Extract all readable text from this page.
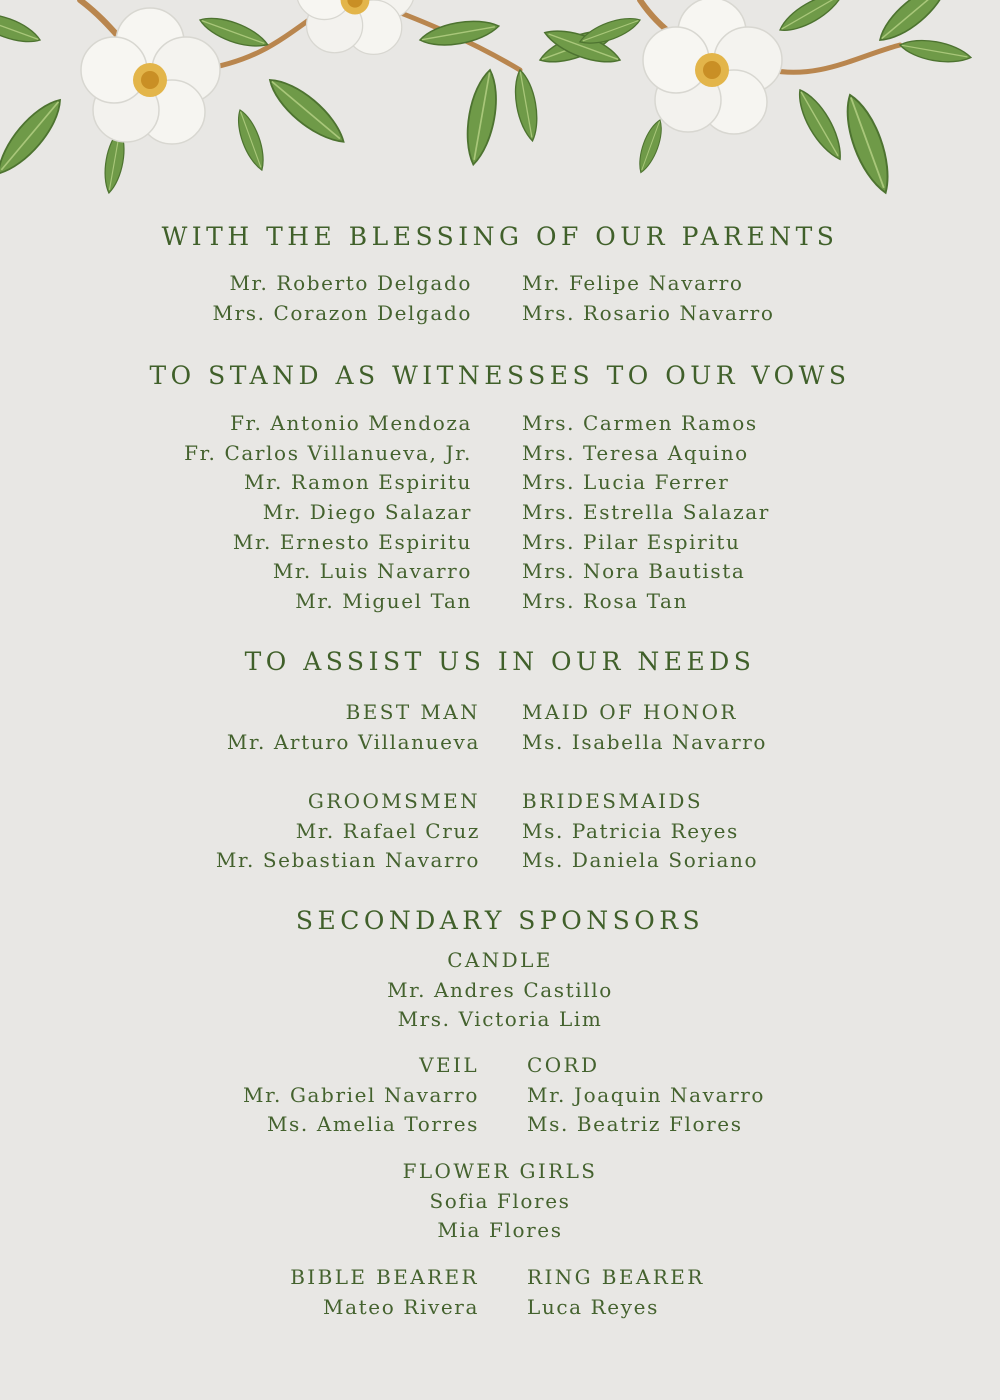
WITH THE BLESSING OF OUR PARENTS
Mr. Roberto Delgado
Mrs. Corazon Delgado
Mr. Felipe Navarro
Mrs. Rosario Navarro
TO STAND AS WITNESSES TO OUR VOWS
Fr. Antonio Mendoza
Fr. Carlos Villanueva, Jr.
Mr. Ramon Espiritu
Mr. Diego Salazar
Mr. Ernesto Espiritu
Mr. Luis Navarro
Mr. Miguel Tan
Mrs. Carmen Ramos
Mrs. Teresa Aquino
Mrs. Lucia Ferrer
Mrs. Estrella Salazar
Mrs. Pilar Espiritu
Mrs. Nora Bautista
Mrs. Rosa Tan
TO ASSIST US IN OUR NEEDS
BEST MAN
Mr. Arturo Villanueva
MAID OF HONOR
Ms. Isabella Navarro
GROOMSMEN
Mr. Rafael Cruz
Mr. Sebastian Navarro
BRIDESMAIDS
Ms. Patricia Reyes
Ms. Daniela Soriano
SECONDARY SPONSORS
CANDLE
Mr. Andres Castillo
Mrs. Victoria Lim
VEIL
Mr. Gabriel Navarro
Ms. Amelia Torres
CORD
Mr. Joaquin Navarro
Ms. Beatriz Flores
FLOWER GIRLS
Sofia Flores
Mia Flores
BIBLE BEARER
Mateo Rivera
RING BEARER
Luca Reyes
